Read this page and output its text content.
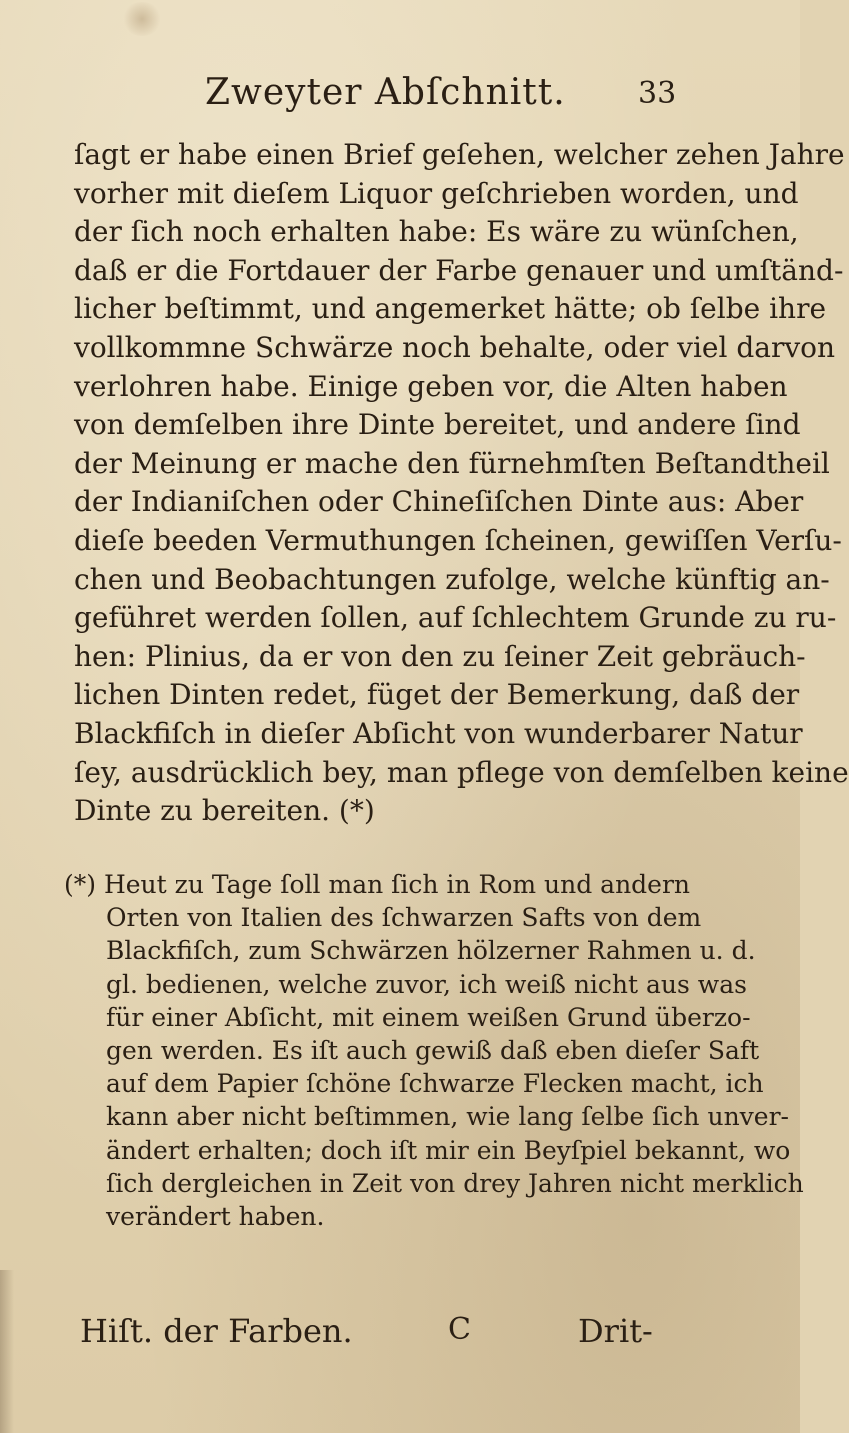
Zweyter Abſchnitt. 33
ſagt er habe einen Brief geſehen, welcher zehen Jahre
vorher mit dieſem Liquor geſchrieben worden, und
der ſich noch erhalten habe: Es wäre zu wünſchen,
daß er die Fortdauer der Farbe genauer und umſtänd-
licher beſtimmt, und angemerket hätte; ob ſelbe ihre
vollkommne Schwärze noch behalte, oder viel darvon
verlohren habe. Einige geben vor, die Alten haben
von demſelben ihre Dinte bereitet, und andere ſind
der Meinung er mache den fürnehmſten Beſtandtheil
der Indianiſchen oder Chineſiſchen Dinte aus: Aber
dieſe beeden Vermuthungen ſcheinen, gewiſſen Verſu-
chen und Beobachtungen zufolge, welche künftig an-
geführet werden ſollen, auf ſchlechtem Grunde zu ru-
hen: Plinius, da er von den zu ſeiner Zeit gebräuch-
lichen Dinten redet, füget der Bemerkung, daß der
Blackfiſch in dieſer Abſicht von wunderbarer Natur
ſey, ausdrücklich bey, man pflege von demſelben keine
Dinte zu bereiten. (*)
(*) Heut zu Tage ſoll man ſich in Rom und andern
Orten von Italien des ſchwarzen Safts von dem
Blackfiſch, zum Schwärzen hölzerner Rahmen u. d.
gl. bedienen, welche zuvor, ich weiß nicht aus was
für einer Abſicht, mit einem weißen Grund überzo-
gen werden. Es iſt auch gewiß daß eben dieſer Saft
auf dem Papier ſchöne ſchwarze Flecken macht, ich
kann aber nicht beſtimmen, wie lang ſelbe ſich unver-
ändert erhalten; doch iſt mir ein Beyſpiel bekannt, wo
ſich dergleichen in Zeit von drey Jahren nicht merklich
verändert haben.
Hiſt. der Farben.	C	Drit-
